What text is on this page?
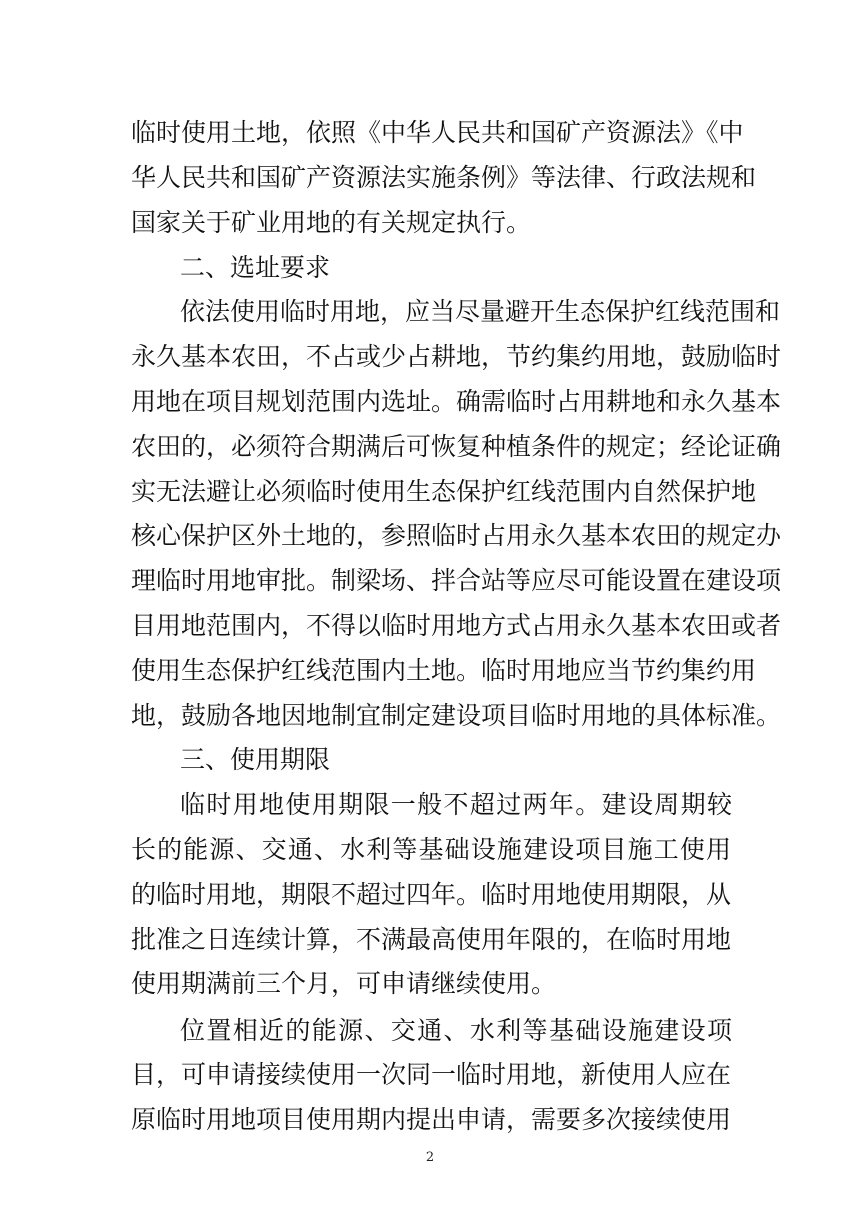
临时使用土地，依照《中华人民共和国矿产资源法》《中
华人民共和国矿产资源法实施条例》等法律、行政法规和
国家关于矿业用地的有关规定执行。
二、选址要求
依法使用临时用地，应当尽量避开生态保护红线范围和
永久基本农田，不占或少占耕地，节约集约用地，鼓励临时
用地在项目规划范围内选址。确需临时占用耕地和永久基本
农田的，必须符合期满后可恢复种植条件的规定；经论证确
实无法避让必须临时使用生态保护红线范围内自然保护地
核心保护区外土地的，参照临时占用永久基本农田的规定办
理临时用地审批。制梁场、拌合站等应尽可能设置在建设项
目用地范围内，不得以临时用地方式占用永久基本农田或者
使用生态保护红线范围内土地。临时用地应当节约集约用
地，鼓励各地因地制宜制定建设项目临时用地的具体标准。
三、使用期限
临时用地使用期限一般不超过两年。建设周期较
长的能源、交通、水利等基础设施建设项目施工使用
的临时用地，期限不超过四年。临时用地使用期限，从
批准之日连续计算，不满最高使用年限的，在临时用地
使用期满前三个月，可申请继续使用。
位置相近的能源、交通、水利等基础设施建设项
目，可申请接续使用一次同一临时用地，新使用人应在
原临时用地项目使用期内提出申请，需要多次接续使用
2
